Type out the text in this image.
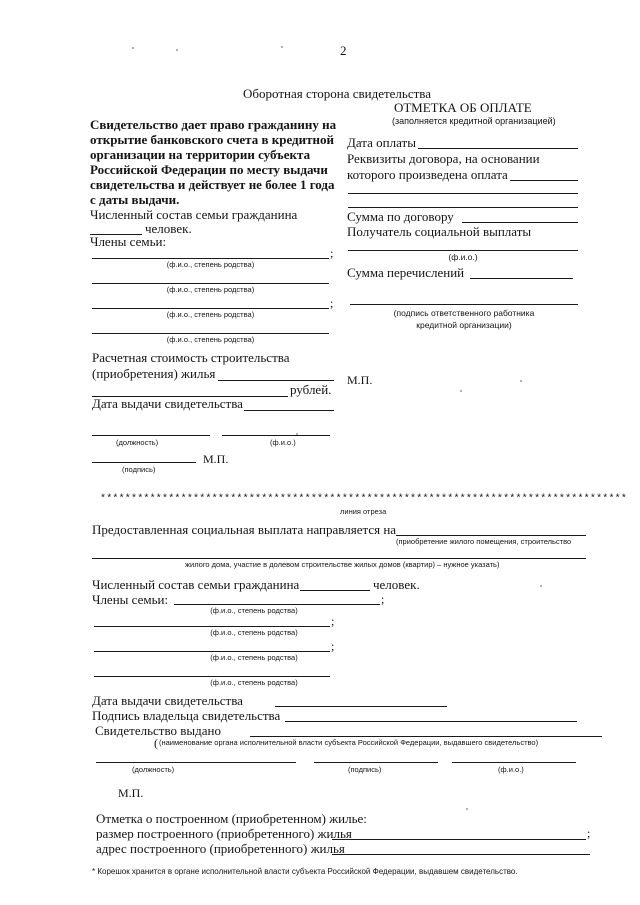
2
Оборотная сторона свидетельства
Свидетельство дает право гражданину на
открытие банковского счета в кредитной
организации на территории субъекта
Российской Федерации по месту выдачи
свидетельства и действует не более 1 года
с даты выдачи.
Численный состав семьи гражданина
человек.
Члены семьи:
;
(ф.и.о., степень родства)
(ф.и.о., степень родства)
;
(ф.и.о., степень родства)
(ф.и.о., степень родства)
Расчетная стоимость строительства
(приобретения) жилья
рублей.
Дата выдачи свидетельства
(должность)	(ф.и.о.)
(подпись)
М.П.
ОТМЕТКА ОБ ОПЛАТЕ
(заполняется кредитной организацией)
Дата оплаты
Реквизиты договора, на основании
которого произведена оплата
Сумма по договору
Получатель социальной выплаты
(ф.и.о.)
Сумма перечислений
(подпись ответственного работника
кредитной организации)
М.П.
*************************************************************************************
линия отреза
Предоставленная социальная выплата направляется на
(приобретение жилого помещения, строительство
жилого дома, участие в долевом строительстве жилых домов (квартир) – нужное указать)
Численный состав семьи гражданина	человек.
Члены семьи:	;
(ф.и.о., степень родства)
;
(ф.и.о., степень родства)
;
(ф.и.о., степень родства)
(ф.и.о., степень родства)
Дата выдачи свидетельства
Подпись владельца свидетельства
Свидетельство выдано
( (наименование органа исполнительной власти субъекта Российской Федерации, выдавшего свидетельство)
(должность)	(подпись)	(ф.и.о.)
М.П.
Отметка о построенном (приобретенном) жилье:
размер построенного (приобретенного) жилья	;
адрес построенного (приобретенного) жилья
* Корешок хранится в органе исполнительной власти субъекта Российской Федерации, выдавшем свидетельство.
